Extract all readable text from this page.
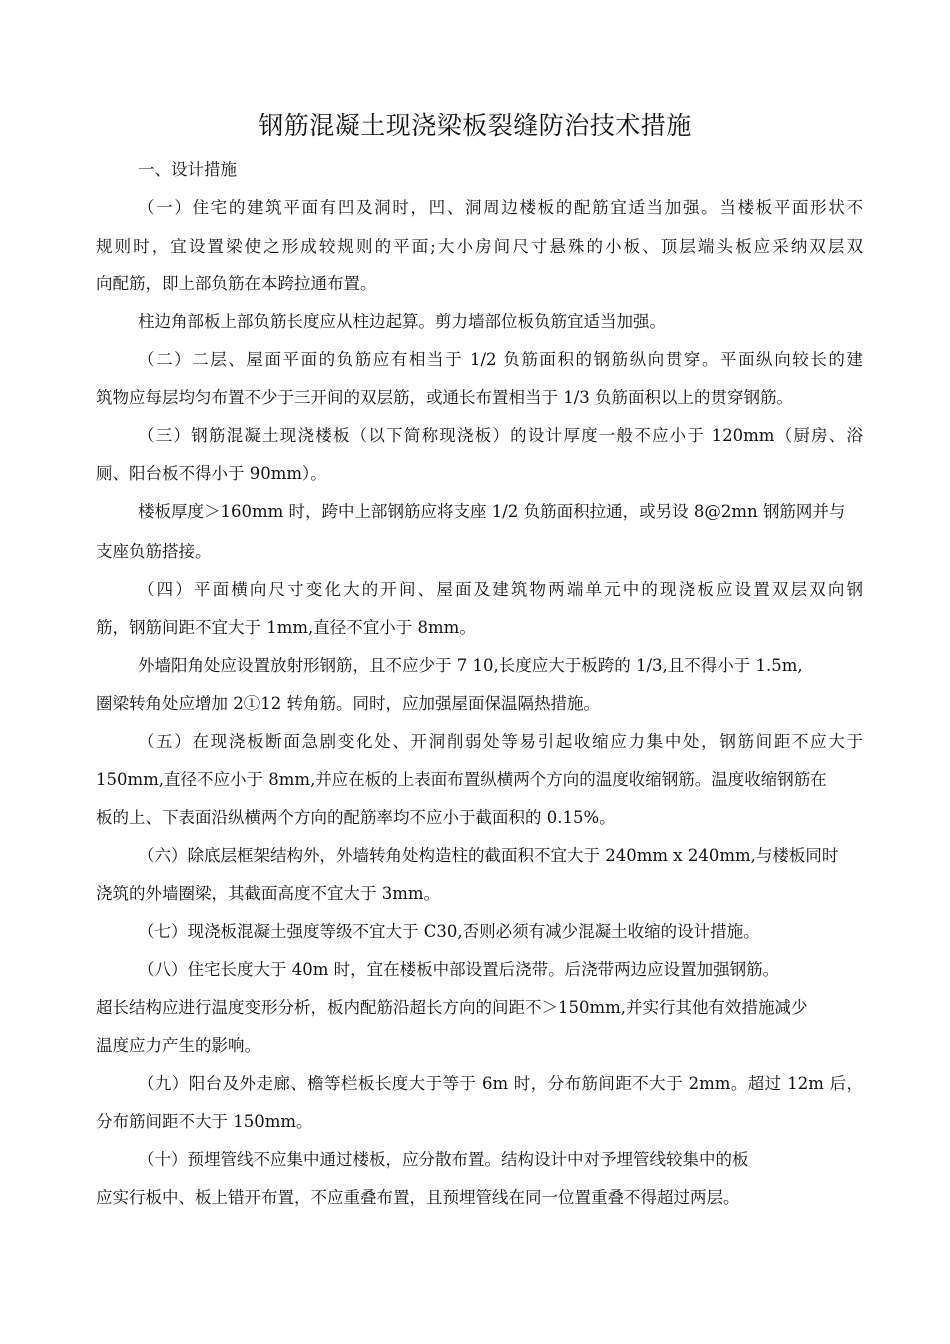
钢筋混凝土现浇梁板裂缝防治技术措施
一、设计措施
（一）住宅的建筑平面有凹及洞时，凹、洞周边楼板的配筋宜适当加强。当楼板平面形状不
规则时，宜设置梁使之形成较规则的平面;大小房间尺寸悬殊的小板、顶层端头板应采纳双层双
向配筋，即上部负筋在本跨拉通布置。
柱边角部板上部负筋长度应从柱边起算。剪力墙部位板负筋宜适当加强。
（二）二层、屋面平面的负筋应有相当于 1/2 负筋面积的钢筋纵向贯穿。平面纵向较长的建
筑物应每层均匀布置不少于三开间的双层筋，或通长布置相当于 1/3 负筋面积以上的贯穿钢筋。
（三）钢筋混凝土现浇楼板（以下简称现浇板）的设计厚度一般不应小于 120mm（厨房、浴
厕、阳台板不得小于 90mm）。
楼板厚度＞160mm 时，跨中上部钢筋应将支座 1/2 负筋面积拉通，或另设 8@2mn 钢筋网并与
支座负筋搭接。
（四）平面横向尺寸变化大的开间、屋面及建筑物两端单元中的现浇板应设置双层双向钢
筋，钢筋间距不宜大于 1mm,直径不宜小于 8mm。
外墙阳角处应设置放射形钢筋，且不应少于 7 10,长度应大于板跨的 1/3,且不得小于 1.5m,
圈梁转角处应增加 2①12 转角筋。同时，应加强屋面保温隔热措施。
（五）在现浇板断面急剧变化处、开洞削弱处等易引起收缩应力集中处，钢筋间距不应大于
150mm,直径不应小于 8mm,并应在板的上表面布置纵横两个方向的温度收缩钢筋。温度收缩钢筋在
板的上、下表面沿纵横两个方向的配筋率均不应小于截面积的 0.15%。
（六）除底层框架结构外，外墙转角处构造柱的截面积不宜大于 240mm x 240mm,与楼板同时
浇筑的外墙圈梁，其截面高度不宜大于 3mm。
（七）现浇板混凝土强度等级不宜大于 C30,否则必须有减少混凝土收缩的设计措施。
（八）住宅长度大于 40m 时，宜在楼板中部设置后浇带。后浇带两边应设置加强钢筋。
超长结构应进行温度变形分析，板内配筋沿超长方向的间距不＞150mm,并实行其他有效措施减少
温度应力产生的影响。
（九）阳台及外走廊、檐等栏板长度大于等于 6m 时，分布筋间距不大于 2mm。超过 12m 后，
分布筋间距不大于 150mm。
（十）预埋管线不应集中通过楼板，应分散布置。结构设计中对予埋管线较集中的板
应实行板中、板上错开布置，不应重叠布置，且预埋管线在同一位置重叠不得超过两层。
